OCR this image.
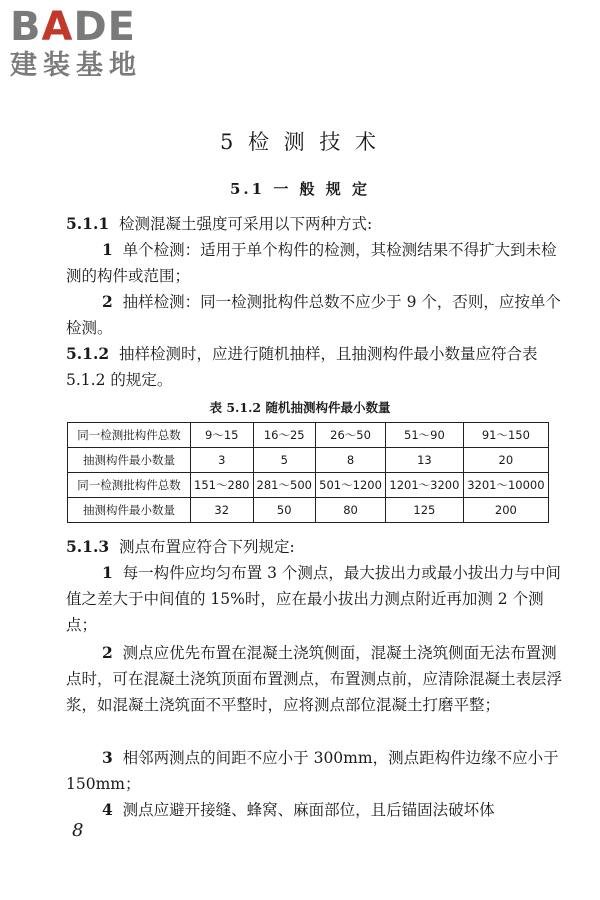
BADE
建装基地
5 检 测 技 术
5.1 一 般 规 定
5.1.1 检测混凝土强度可采用以下两种方式:
1 单个检测：适用于单个构件的检测，其检测结果不得扩大到未检测的构件或范围；
2 抽样检测：同一检测批构件总数不应少于 9 个，否则，应按单个检测。
5.1.2 抽样检测时，应进行随机抽样，且抽测构件最小数量应符合表 5.1.2 的规定。
表 5.1.2 随机抽测构件最小数量
同一检测批构件总数	9～15	16～25	26～50	51～90	91～150
抽测构件最小数量	3	5	8	13	20
同一检测批构件总数	151～280	281～500	501～1200	1201～3200	3201～10000
抽测构件最小数量	32	50	80	125	200
5.1.3 测点布置应符合下列规定:
1 每一构件应均匀布置 3 个测点，最大拔出力或最小拔出力与中间值之差大于中间值的 15%时，应在最小拔出力测点附近再加测 2 个测点；
2 测点应优先布置在混凝土浇筑侧面，混凝土浇筑侧面无法布置测点时，可在混凝土浇筑顶面布置测点，布置测点前，应清除混凝土表层浮浆，如混凝土浇筑面不平整时，应将测点部位混凝土打磨平整；
3 相邻两测点的间距不应小于 300mm，测点距构件边缘不应小于 150mm；
4 测点应避开接缝、蜂窝、麻面部位，且后锚固法破坏体
8
